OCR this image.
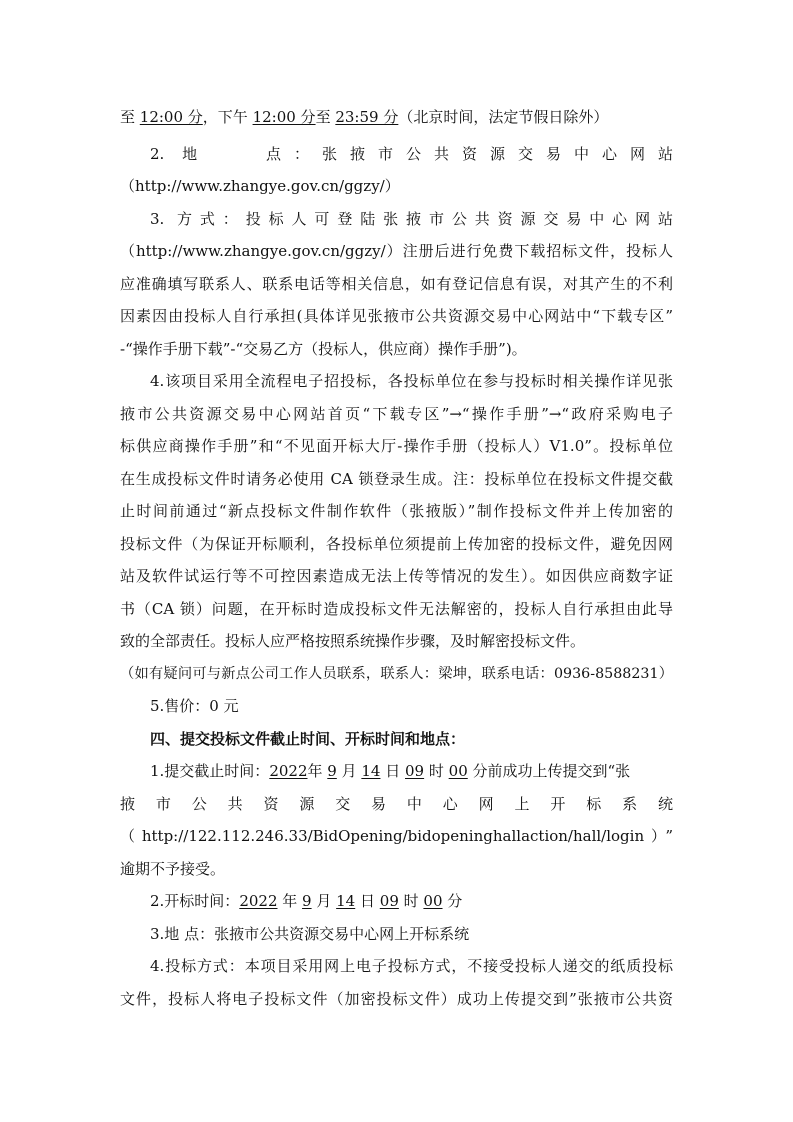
至 12:00 分，下午 12:00 分至 23:59 分（北京时间，法定节假日除外）
2. 地　　点：张掖市公共资源交易中心网站
（http://www.zhangye.gov.cn/ggzy/）
3. 方式：投标人可登陆张掖市公共资源交易中心网站
（http://www.zhangye.gov.cn/ggzy/）注册后进行免费下载招标文件，投标人
应准确填写联系人、联系电话等相关信息，如有登记信息有误，对其产生的不利
因素因由投标人自行承担(具体详见张掖市公共资源交易中心网站中“下载专区”
-“操作手册下载”-“交易乙方（投标人，供应商）操作手册”)。
4.该项目采用全流程电子招投标，各投标单位在参与投标时相关操作详见张
掖市公共资源交易中心网站首页“下载专区”→“操作手册”→“政府采购电子
标供应商操作手册”和“不见面开标大厅-操作手册（投标人）V1.0”。投标单位
在生成投标文件时请务必使用 CA 锁登录生成。注：投标单位在投标文件提交截
止时间前通过“新点投标文件制作软件（张掖版）”制作投标文件并上传加密的
投标文件（为保证开标顺利，各投标单位须提前上传加密的投标文件，避免因网
站及软件试运行等不可控因素造成无法上传等情况的发生）。如因供应商数字证
书（CA 锁）问题，在开标时造成投标文件无法解密的，投标人自行承担由此导
致的全部责任。投标人应严格按照系统操作步骤，及时解密投标文件。
（如有疑问可与新点公司工作人员联系，联系人：梁坤，联系电话：0936-8588231）
5.售价：0 元
四、提交投标文件截止时间、开标时间和地点：
1.提交截止时间：2022年 9 月 14 日 09 时 00 分前成功上传提交到“张
掖市公共资源交易中心网上开标系统
（http://122.112.246.33/BidOpening/bidopeninghallaction/hall/login）”
逾期不予接受。
2.开标时间：2022 年 9 月 14 日 09 时 00 分
3.地 点：张掖市公共资源交易中心网上开标系统
4.投标方式：本项目采用网上电子投标方式，不接受投标人递交的纸质投标
文件，投标人将电子投标文件（加密投标文件）成功上传提交到”张掖市公共资
